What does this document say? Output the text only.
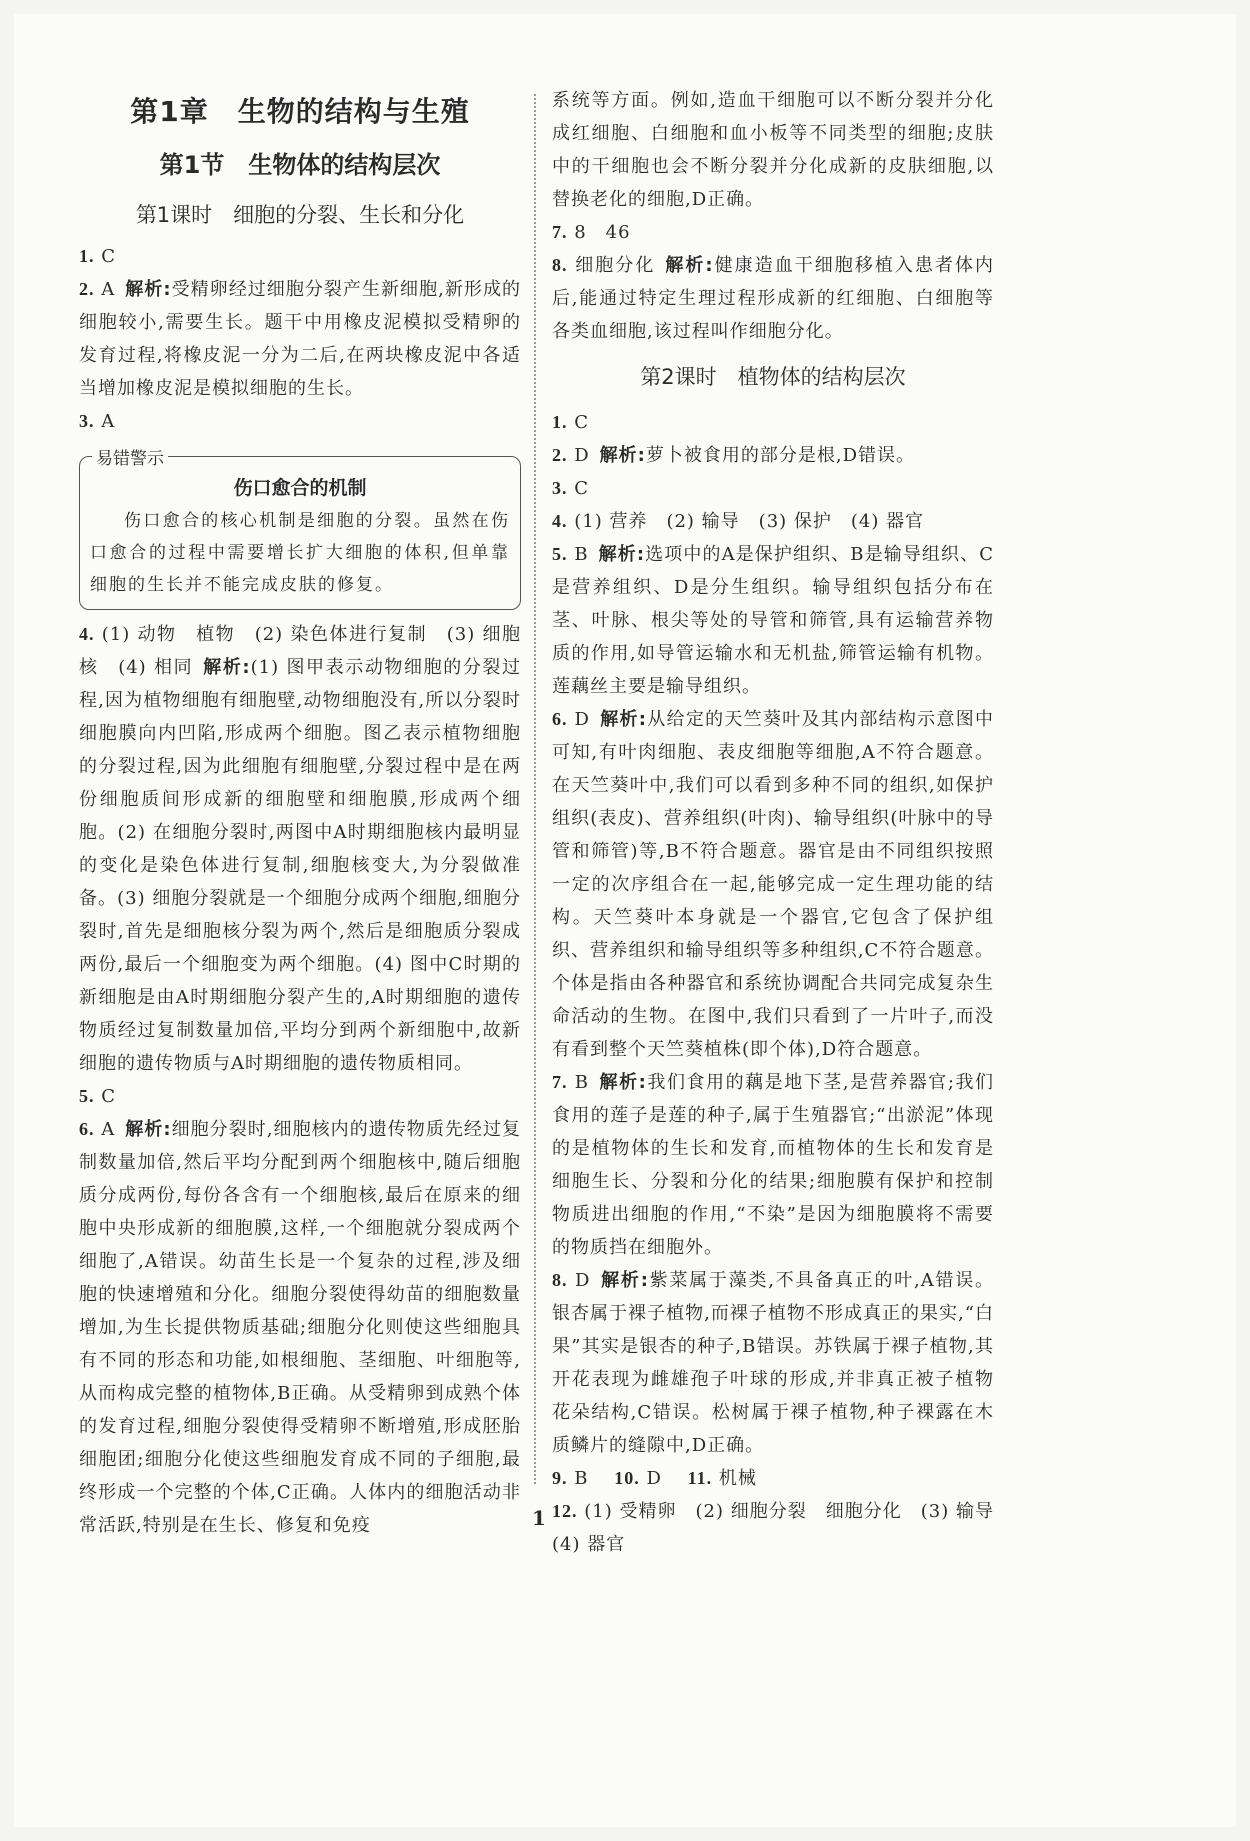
第1章　生物的结构与生殖
第1节　生物体的结构层次
第1课时　细胞的分裂、生长和分化

1. C

2. A 解析:受精卵经过细胞分裂产生新细胞,新形成的细胞较小,需要生长。题干中用橡皮泥模拟受精卵的发育过程,将橡皮泥一分为二后,在两块橡皮泥中各适当增加橡皮泥是模拟细胞的生长。

3. A

易错警示
伤口愈合的机制
伤口愈合的核心机制是细胞的分裂。虽然在伤口愈合的过程中需要增长扩大细胞的体积,但单靠细胞的生长并不能完成皮肤的修复。

4. (1) 动物　植物　(2) 染色体进行复制　(3) 细胞核　(4) 相同 解析:(1) 图甲表示动物细胞的分裂过程,因为植物细胞有细胞壁,动物细胞没有,所以分裂时细胞膜向内凹陷,形成两个细胞。图乙表示植物细胞的分裂过程,因为此细胞有细胞壁,分裂过程中是在两份细胞质间形成新的细胞壁和细胞膜,形成两个细胞。(2) 在细胞分裂时,两图中A时期细胞核内最明显的变化是染色体进行复制,细胞核变大,为分裂做准备。(3) 细胞分裂就是一个细胞分成两个细胞,细胞分裂时,首先是细胞核分裂为两个,然后是细胞质分裂成两份,最后一个细胞变为两个细胞。(4) 图中C时期的新细胞是由A时期细胞分裂产生的,A时期细胞的遗传物质经过复制数量加倍,平均分到两个新细胞中,故新细胞的遗传物质与A时期细胞的遗传物质相同。

5. C

6. A 解析:细胞分裂时,细胞核内的遗传物质先经过复制数量加倍,然后平均分配到两个细胞核中,随后细胞质分成两份,每份各含有一个细胞核,最后在原来的细胞中央形成新的细胞膜,这样,一个细胞就分裂成两个细胞了,A错误。幼苗生长是一个复杂的过程,涉及细胞的快速增殖和分化。细胞分裂使得幼苗的细胞数量增加,为生长提供物质基础;细胞分化则使这些细胞具有不同的形态和功能,如根细胞、茎细胞、叶细胞等,从而构成完整的植物体,B正确。从受精卵到成熟个体的发育过程,细胞分裂使得受精卵不断增殖,形成胚胎细胞团;细胞分化使这些细胞发育成不同的子细胞,最终形成一个完整的个体,C正确。人体内的细胞活动非常活跃,特别是在生长、修复和免疫

系统等方面。例如,造血干细胞可以不断分裂并分化成红细胞、白细胞和血小板等不同类型的细胞;皮肤中的干细胞也会不断分裂并分化成新的皮肤细胞,以替换老化的细胞,D正确。

7. 8　46

8. 细胞分化 解析:健康造血干细胞移植入患者体内后,能通过特定生理过程形成新的红细胞、白细胞等各类血细胞,该过程叫作细胞分化。

第2课时　植物体的结构层次

1. C

2. D 解析:萝卜被食用的部分是根,D错误。

3. C

4. (1) 营养　(2) 输导　(3) 保护　(4) 器官

5. B 解析:选项中的A是保护组织、B是输导组织、C是营养组织、D是分生组织。输导组织包括分布在茎、叶脉、根尖等处的导管和筛管,具有运输营养物质的作用,如导管运输水和无机盐,筛管运输有机物。莲藕丝主要是输导组织。

6. D 解析:从给定的天竺葵叶及其内部结构示意图中可知,有叶肉细胞、表皮细胞等细胞,A不符合题意。在天竺葵叶中,我们可以看到多种不同的组织,如保护组织(表皮)、营养组织(叶肉)、输导组织(叶脉中的导管和筛管)等,B不符合题意。器官是由不同组织按照一定的次序组合在一起,能够完成一定生理功能的结构。天竺葵叶本身就是一个器官,它包含了保护组织、营养组织和输导组织等多种组织,C不符合题意。个体是指由各种器官和系统协调配合共同完成复杂生命活动的生物。在图中,我们只看到了一片叶子,而没有看到整个天竺葵植株(即个体),D符合题意。

7. B 解析:我们食用的藕是地下茎,是营养器官;我们食用的莲子是莲的种子,属于生殖器官;“出淤泥”体现的是植物体的生长和发育,而植物体的生长和发育是细胞生长、分裂和分化的结果;细胞膜有保护和控制物质进出细胞的作用,“不染”是因为细胞膜将不需要的物质挡在细胞外。

8. D 解析:紫菜属于藻类,不具备真正的叶,A错误。银杏属于裸子植物,而裸子植物不形成真正的果实,“白果”其实是银杏的种子,B错误。苏铁属于裸子植物,其开花表现为雌雄孢子叶球的形成,并非真正被子植物花朵结构,C错误。松树属于裸子植物,种子裸露在木质鳞片的缝隙中,D正确。

9. B　 10. D　 11. 机械

12. (1) 受精卵　(2) 细胞分裂　细胞分化　(3) 输导　(4) 器官

1
